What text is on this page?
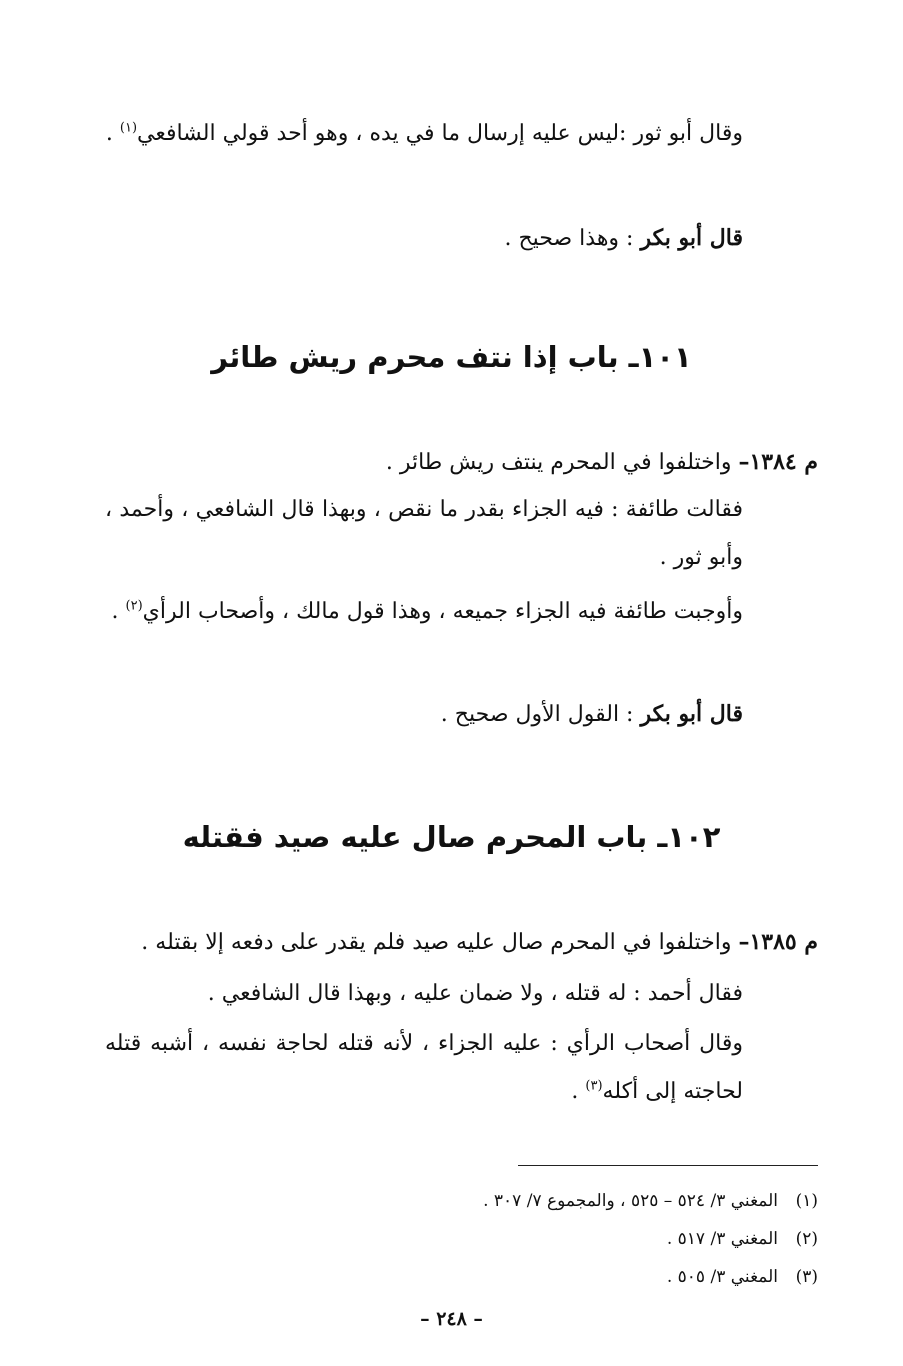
وقال أبو ثور :ليس عليه إرسال ما في يده ، وهو أحد قولي الشافعي$^{(١)}$ .

قال أبو بكر : وهذا صحيح .

١٠١ـ باب إذا نتف محرم ريش طائر

م ١٣٨٤– واختلفوا في المحرم ينتف ريش طائر .

فقالت طائفة : فيه الجزاء بقدر ما نقص ، وبهذا قال الشافعي ، وأحمد ، وأبو ثور .

وأوجبت طائفة فيه الجزاء جميعه ، وهذا قول مالك ، وأصحاب الرأي$^{(٢)}$ .

قال أبو بكر : القول الأول صحيح .

١٠٢ـ باب المحرم صال عليه صيد فقتله

م ١٣٨٥– واختلفوا في المحرم صال عليه صيد فلم يقدر على دفعه إلا بقتله .

فقال أحمد : له قتله ، ولا ضمان عليه ، وبهذا قال الشافعي .

وقال أصحاب الرأي : عليه الجزاء ، لأنه قتله لحاجة نفسه ، أشبه قتله لحاجته إلى أكله$^{(٣)}$ .

(١)المغني ٣/ ٥٢٤ – ٥٢٥ ، والمجموع ٧/ ٣٠٧ .
(٢)المغني ٣/ ٥١٧ .
(٣)المغني ٣/ ٥٠٥ .
– ٢٤٨ –
